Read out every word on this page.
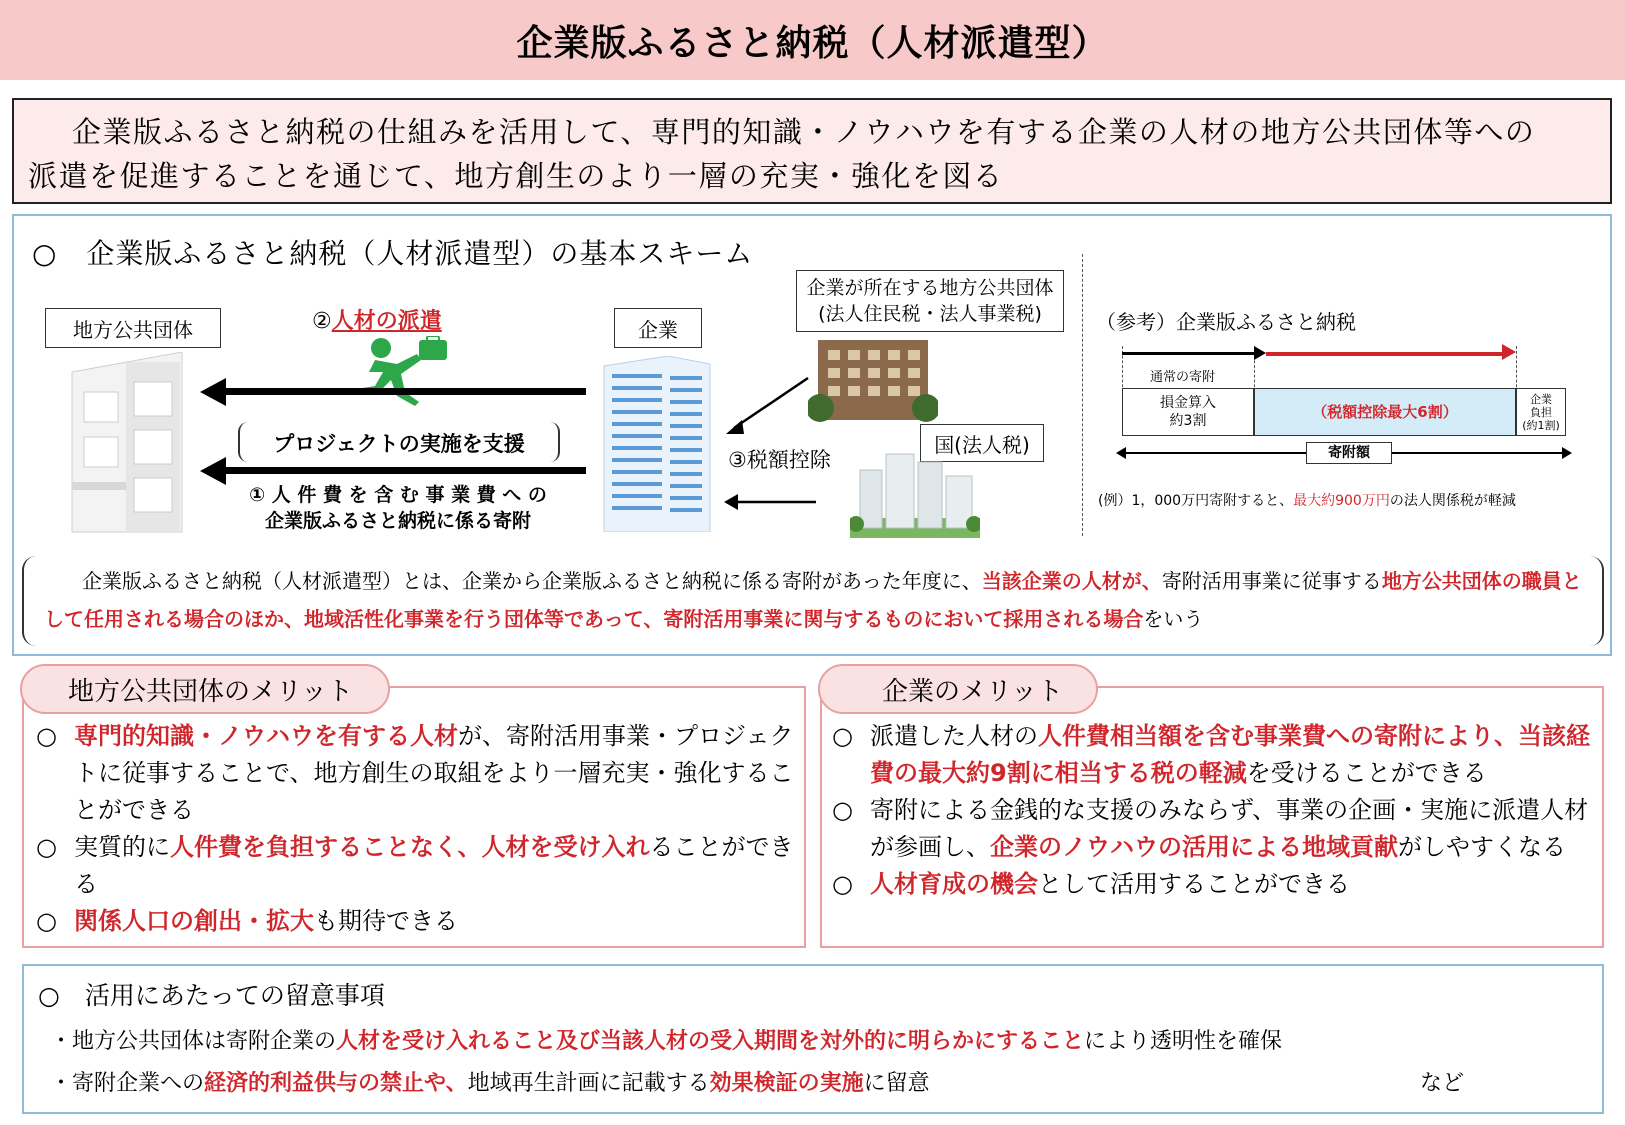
企業版ふるさと納税（人材派遣型）
企業版ふるさと納税の仕組みを活用して、専門的知識・ノウハウを有する企業の人材の地方公共団体等への
派遣を促進することを通じて、地方創生のより一層の充実・強化を図る
○　企業版ふるさと納税（人材派遣型）の基本スキーム
地方公共団体	②人材の派遣
プロジェクトの実施を支援
① 人 件 費 を 含 む 事 業 費 へ の
企業版ふるさと納税に係る寄附
企業
企業が所在する地方公共団体
(法人住民税・法人事業税)
国(法人税)
③税額控除
（参考）企業版ふるさと納税
通常の寄附
損金算入
約3割	（税額控除最大6割）
企業
負担
(約1割)
寄附額
(例）1，000万円寄附すると、最大約900万円の法人関係税が軽減
企業版ふるさと納税（人材派遣型）とは、企業から企業版ふるさと納税に係る寄附があった年度に、当該企業の人材が、寄附活用事業に従事する地方公共団体の職員として任用される場合のほか、地域活性化事業を行う団体等であって、寄附活用事業に関与するものにおいて採用される場合をいう
地方公共団体のメリット
○ 専門的知識・ノウハウを有する人材が、寄附活用事業・プロジェクトに従事することで、地方創生の取組をより一層充実・強化することができる
○ 実質的に人件費を負担することなく、人材を受け入れることができる
○ 関係人口の創出・拡大も期待できる
企業のメリット
○ 派遣した人材の人件費相当額を含む事業費への寄附により、当該経費の最大約9割に相当する税の軽減を受けることができる
○ 寄附による金銭的な支援のみならず、事業の企画・実施に派遣人材が参画し、企業のノウハウの活用による地域貢献がしやすくなる
○ 人材育成の機会として活用することができる
○　活用にあたっての留意事項
・地方公共団体は寄附企業の人材を受け入れること及び当該人材の受入期間を対外的に明らかにすることにより透明性を確保
・寄附企業への経済的利益供与の禁止や、地域再生計画に記載する効果検証の実施に留意	など
